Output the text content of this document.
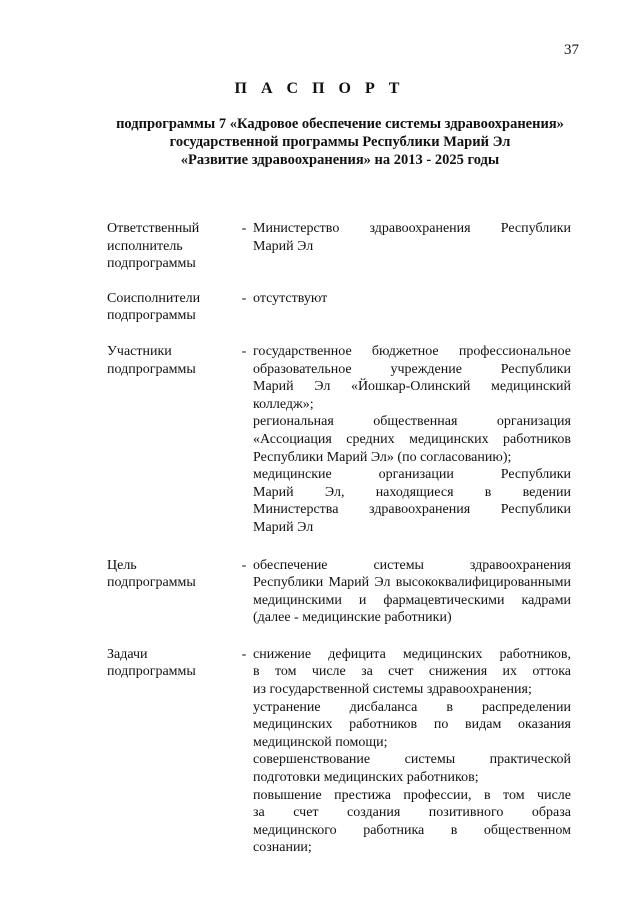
37
П А С П О Р Т
подпрограммы 7 «Кадровое обеспечение системы здравоохранения»
государственной программы Республики Марий Эл
«Развитие здравоохранения» на 2013 - 2025 годы
Ответственный
исполнитель
подпрограммы
- Министерство здравоохранения Республики
Марий Эл
Соисполнители
подпрограммы
- отсутствуют
Участники
подпрограммы
- государственное бюджетное профессиональное
образовательное учреждение Республики
Марий Эл «Йошкар-Олинский медицинский
колледж»;
региональная общественная организация
«Ассоциация средних медицинских работников
Республики Марий Эл» (по согласованию);
медицинские организации Республики
Марий Эл, находящиеся в ведении
Министерства здравоохранения Республики
Марий Эл
Цель
подпрограммы
- обеспечение системы здравоохранения
Республики Марий Эл высококвалифицированными
медицинскими и фармацевтическими кадрами
(далее - медицинские работники)
Задачи
подпрограммы
- снижение дефицита медицинских работников,
в том числе за счет снижения их оттока
из государственной системы здравоохранения;
устранение дисбаланса в распределении
медицинских работников по видам оказания
медицинской помощи;
совершенствование системы практической
подготовки медицинских работников;
повышение престижа профессии, в том числе
за счет создания позитивного образа
медицинского работника в общественном
сознании;
